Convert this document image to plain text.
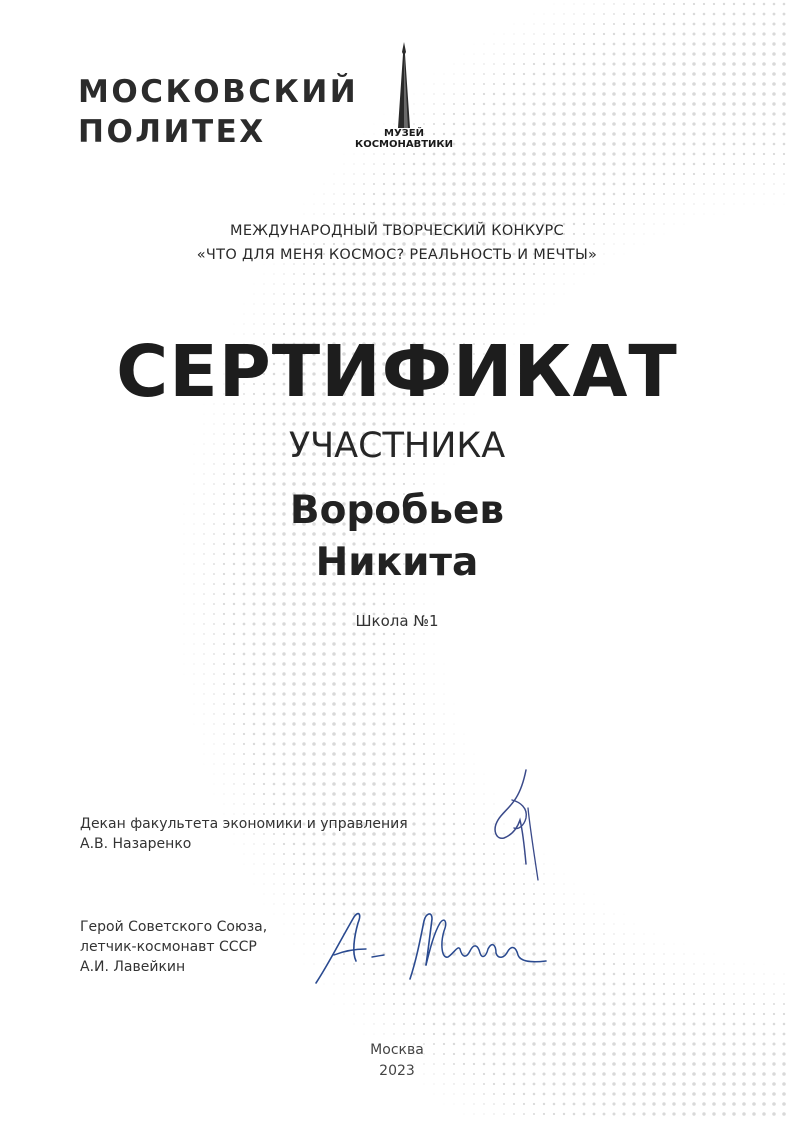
МОСКОВСКИЙ
ПОЛИТЕХ	МУЗЕЙ
КОСМОНАВТИКИ
МЕЖДУНАРОДНЫЙ ТВОРЧЕСКИЙ КОНКУРС
«ЧТО ДЛЯ МЕНЯ КОСМОС? РЕАЛЬНОСТЬ И МЕЧТЫ»
СЕРТИФИКАТ
УЧАСТНИКА
Воробьев
Никита
Школа №1
Декан факультета экономики и управления
А.В. Назаренко
Герой Советского Союза,
летчик-космонавт СССР
А.И. Лавейкин
Москва
2023
